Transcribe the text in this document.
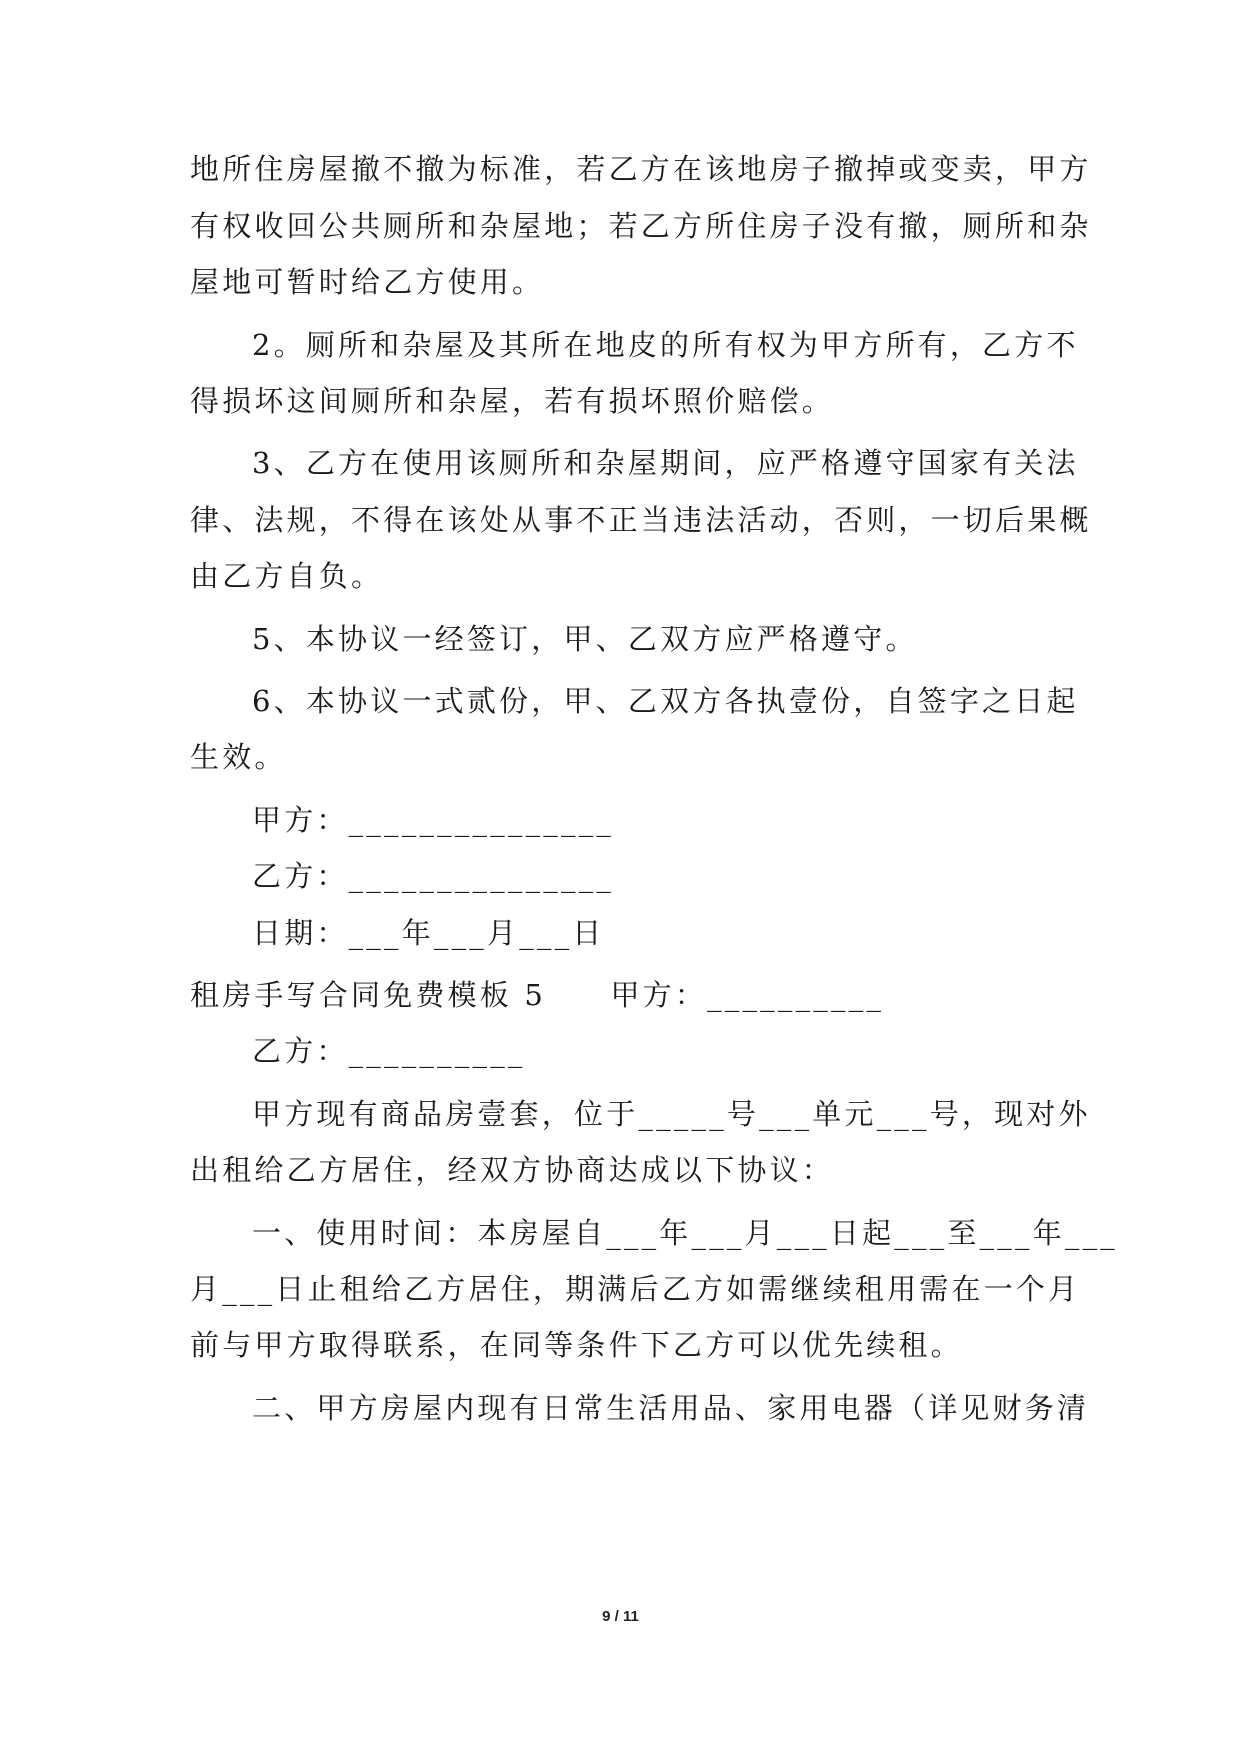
地所住房屋撤不撤为标准，若乙方在该地房子撤掉或变卖，甲方
有权收回公共厕所和杂屋地；若乙方所住房子没有撤，厕所和杂
屋地可暂时给乙方使用。
2。厕所和杂屋及其所在地皮的所有权为甲方所有，乙方不
得损坏这间厕所和杂屋，若有损坏照价赔偿。
3、乙方在使用该厕所和杂屋期间，应严格遵守国家有关法
律、法规，不得在该处从事不正当违法活动，否则，一切后果概
由乙方自负。
5、本协议一经签订，甲、乙双方应严格遵守。
6、本协议一式贰份，甲、乙双方各执壹份，自签字之日起
生效。
甲方：_______________
乙方：_______________
日期：___年___月___日
租房手写合同免费模板 5　　甲方：__________
乙方：__________
甲方现有商品房壹套，位于_____号___单元___号，现对外
出租给乙方居住，经双方协商达成以下协议：
一、使用时间：本房屋自___年___月___日起___至___年___
月___日止租给乙方居住，期满后乙方如需继续租用需在一个月
前与甲方取得联系，在同等条件下乙方可以优先续租。
二、甲方房屋内现有日常生活用品、家用电器（详见财务清
9 / 11
